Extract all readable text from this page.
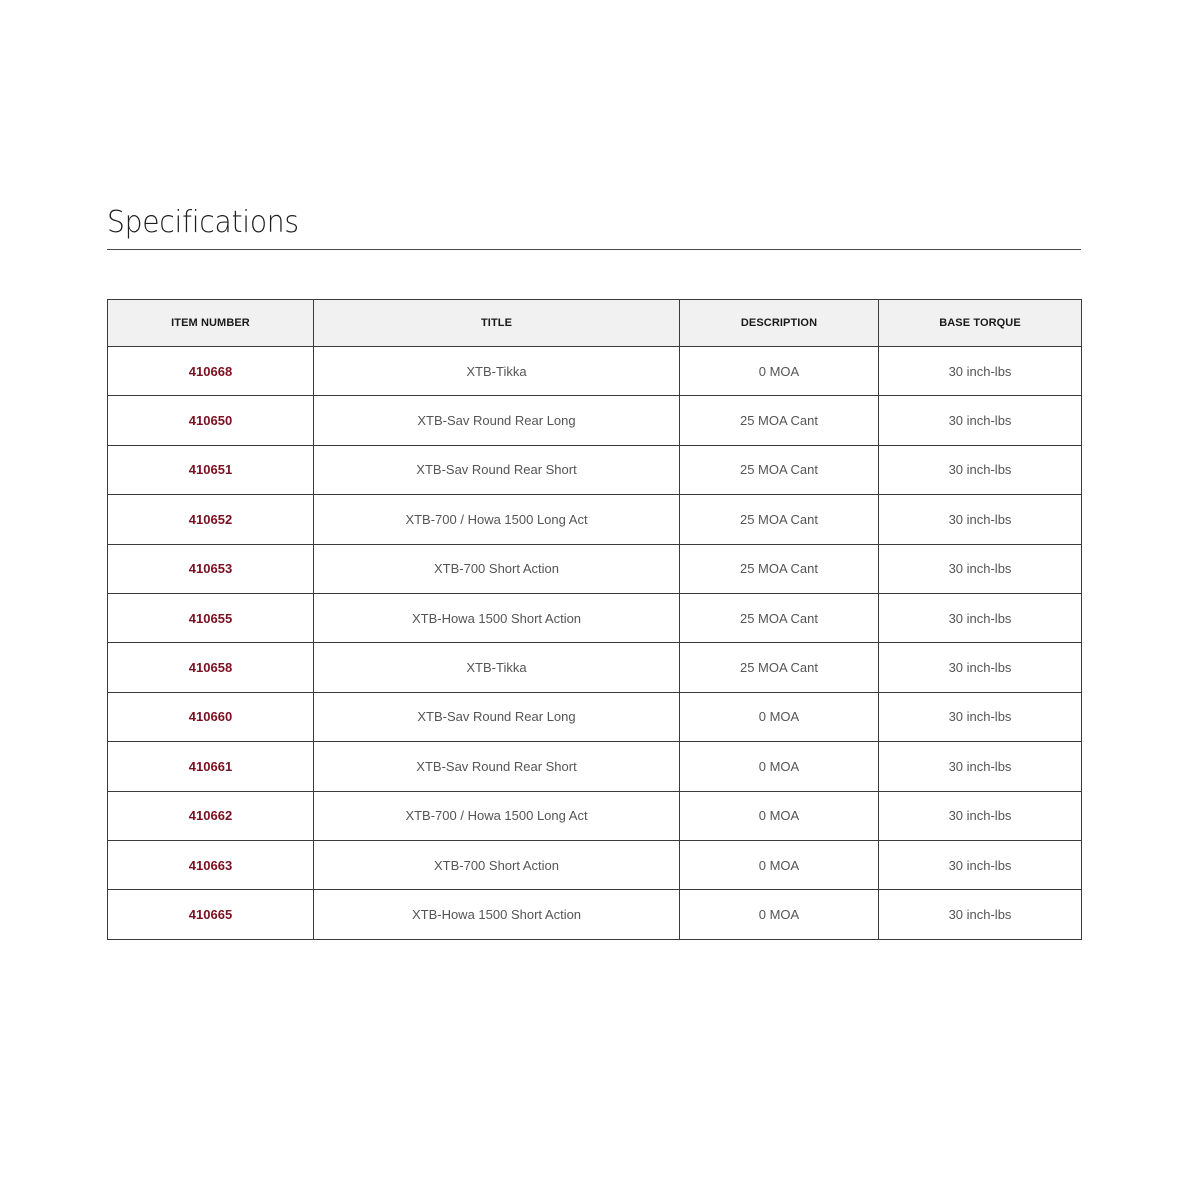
Specifications
ITEM NUMBER	TITLE	DESCRIPTION	BASE TORQUE
410668	XTB-Tikka	0 MOA	30 inch-lbs
410650	XTB-Sav Round Rear Long	25 MOA Cant	30 inch-lbs
410651	XTB-Sav Round Rear Short	25 MOA Cant	30 inch-lbs
410652	XTB-700 / Howa 1500 Long Act	25 MOA Cant	30 inch-lbs
410653	XTB-700 Short Action	25 MOA Cant	30 inch-lbs
410655	XTB-Howa 1500 Short Action	25 MOA Cant	30 inch-lbs
410658	XTB-Tikka	25 MOA Cant	30 inch-lbs
410660	XTB-Sav Round Rear Long	0 MOA	30 inch-lbs
410661	XTB-Sav Round Rear Short	0 MOA	30 inch-lbs
410662	XTB-700 / Howa 1500 Long Act	0 MOA	30 inch-lbs
410663	XTB-700 Short Action	0 MOA	30 inch-lbs
410665	XTB-Howa 1500 Short Action	0 MOA	30 inch-lbs
